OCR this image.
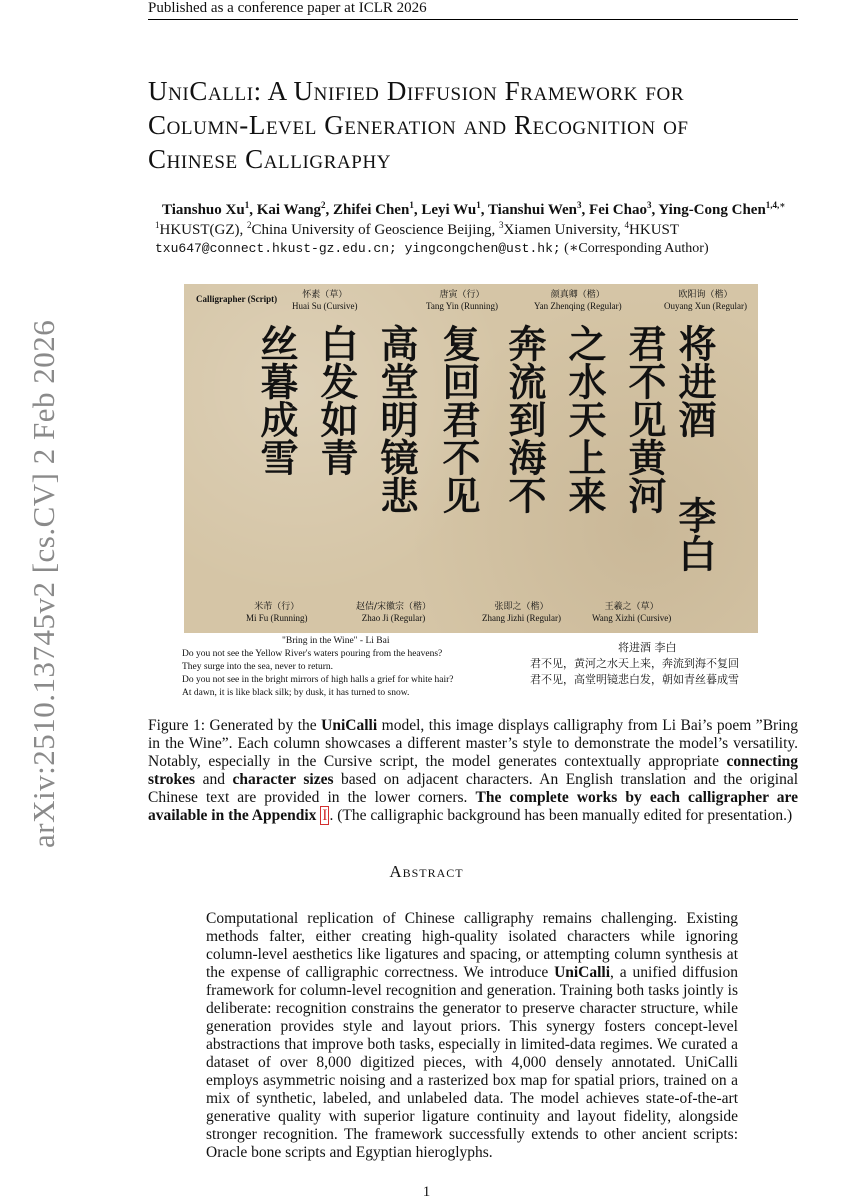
Published as a conference paper at ICLR 2026
arXiv:2510.13745v2 [cs.CV] 2 Feb 2026
UniCalli: A Unified Diffusion Framework for
Column-Level Generation and Recognition of
Chinese Calligraphy
Tianshuo Xu$^1$, Kai Wang$^2$, Zhifei Chen$^1$, Leyi Wu$^1$, Tianshui Wen$^3$, Fei Chao$^3$, Ying-Cong Chen$^{1,4,∗}$
$^1$HKUST(GZ), $^2$China University of Geoscience Beijing, $^3$Xiamen University, $^4$HKUST
txu647@connect.hkust-gz.edu.cn; yingcongchen@ust.hk; (∗Corresponding Author)
Calligrapher (Script)	怀素（草）
Huai Su (Cursive)
唐寅（行）
Tang Yin (Running)
颜真卿（楷）
Yan Zhenqing (Regular)
欧阳询（楷）
Ouyang Xun (Regular)
丝暮成雪 白发如青 高堂明镜悲 复回君不见 奔流到海不 之水天上来 君不见黄河 将进酒
李白
米芾（行）
Mi Fu (Running)
赵佶/宋徽宗（楷）
Zhao Ji (Regular)
张即之（楷）
Zhang Jizhi (Regular)
王羲之（草）
Wang Xizhi (Cursive)
"Bring in the Wine" - Li Bai
Do you not see the Yellow River's waters pouring from the heavens?
They surge into the sea, never to return.
Do you not see in the bright mirrors of high halls a grief for white hair?
At dawn, it is like black silk; by dusk, it has turned to snow.
将进酒 李白
君不见，黄河之水天上来，奔流到海不复回
君不见，高堂明镜悲白发，朝如青丝暮成雪
Figure 1: Generated by the UniCalli model, this image displays calligraphy from Li Bai’s poem ”Bring in the Wine”. Each column showcases a different master’s style to demonstrate the model’s versatility. Notably, especially in the Cursive script, the model generates contextually appropriate connecting strokes and character sizes based on adjacent characters. An English translation and the original Chinese text are provided in the lower corners. The complete works by each calligrapher are available in the Appendix I . (The calligraphic background has been manually edited for presentation.)
Abstract
Computational replication of Chinese calligraphy remains challenging. Existing methods falter, either creating high-quality isolated characters while ignoring column-level aesthetics like ligatures and spacing, or attempting column synthesis at the expense of calligraphic correctness. We introduce UniCalli, a unified diffusion framework for column-level recognition and generation. Training both tasks jointly is deliberate: recognition constrains the generator to preserve character structure, while generation provides style and layout priors. This synergy fosters concept-level abstractions that improve both tasks, especially in limited-data regimes. We curated a dataset of over 8,000 digitized pieces, with 4,000 densely annotated. UniCalli employs asymmetric noising and a rasterized box map for spatial priors, trained on a mix of synthetic, labeled, and unlabeled data. The model achieves state-of-the-art generative quality with superior ligature continuity and layout fidelity, alongside stronger recognition. The framework successfully extends to other ancient scripts: Oracle bone scripts and Egyptian hieroglyphs.
1
